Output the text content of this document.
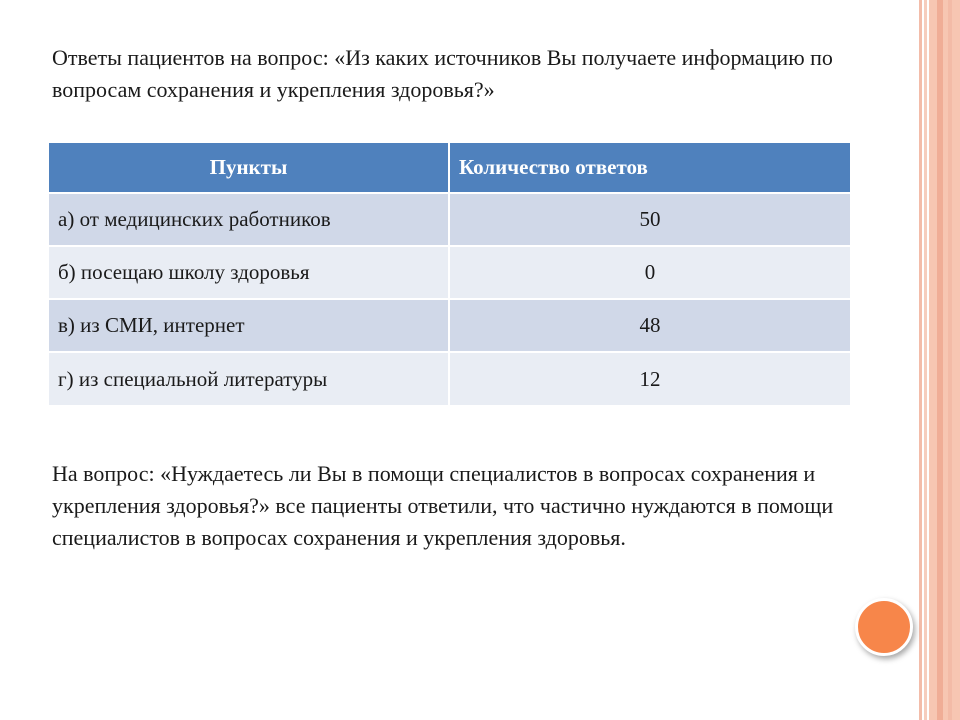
Ответы пациентов на вопрос: «Из каких источников Вы получаете информацию по вопросам сохранения и укрепления здоровья?»

Пункты	Количество ответов
а) от медицинских работников	50
б) посещаю школу здоровья	0
в) из СМИ, интернет	48
г) из специальной литературы	12

На вопрос: «Нуждаетесь ли Вы в помощи специалистов в вопросах сохранения и укрепления здоровья?» все пациенты ответили, что частично нуждаются в помощи специалистов в вопросах сохранения и укрепления здоровья.
